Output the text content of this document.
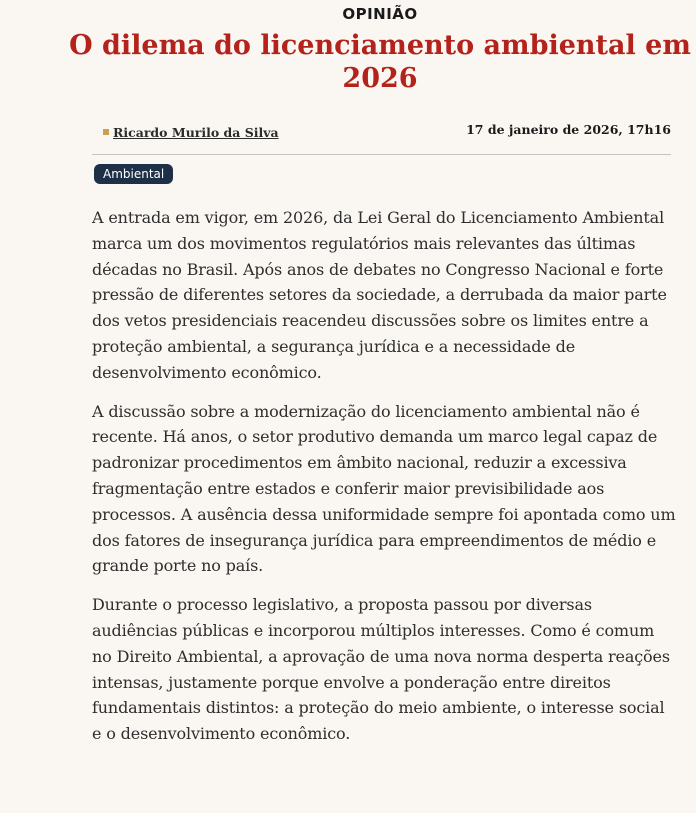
OPINIÃO
O dilema do licenciamento ambiental em 2026
Ricardo Murilo da Silva	17 de janeiro de 2026, 17h16
Ambiental

A entrada em vigor, em 2026, da Lei Geral do Licenciamento Ambiental marca um dos movimentos regulatórios mais relevantes das últimas décadas no Brasil. Após anos de debates no Congresso Nacional e forte pressão de diferentes setores da sociedade, a derrubada da maior parte dos vetos presidenciais reacendeu discussões sobre os limites entre a proteção ambiental, a segurança jurídica e a necessidade de desenvolvimento econômico.

A discussão sobre a modernização do licenciamento ambiental não é recente. Há anos, o setor produtivo demanda um marco legal capaz de padronizar procedimentos em âmbito nacional, reduzir a excessiva fragmentação entre estados e conferir maior previsibilidade aos processos. A ausência dessa uniformidade sempre foi apontada como um dos fatores de insegurança jurídica para empreendimentos de médio e grande porte no país.

Durante o processo legislativo, a proposta passou por diversas audiências públicas e incorporou múltiplos interesses. Como é comum no Direito Ambiental, a aprovação de uma nova norma desperta reações intensas, justamente porque envolve a ponderação entre direitos fundamentais distintos: a proteção do meio ambiente, o interesse social e o desenvolvimento econômico.
